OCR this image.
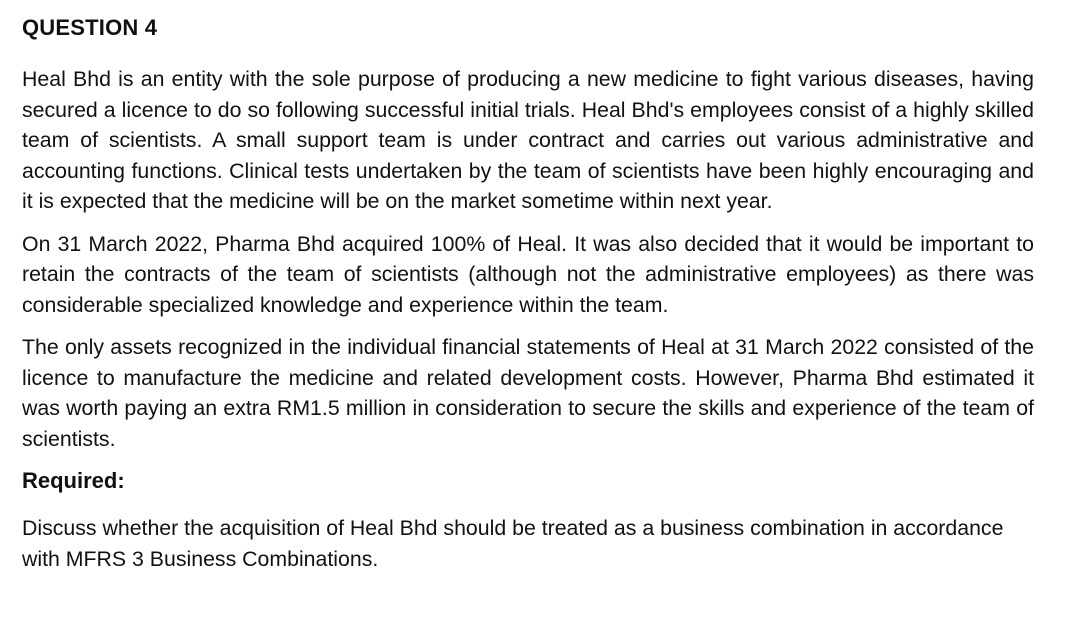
QUESTION 4

Heal Bhd is an entity with the sole purpose of producing a new medicine to fight various diseases, having secured a licence to do so following successful initial trials. Heal Bhd's employees consist of a highly skilled team of scientists. A small support team is under contract and carries out various administrative and accounting functions. Clinical tests undertaken by the team of scientists have been highly encouraging and it is expected that the medicine will be on the market sometime within next year.

On 31 March 2022, Pharma Bhd acquired 100% of Heal. It was also decided that it would be important to retain the contracts of the team of scientists (although not the administrative employees) as there was considerable specialized knowledge and experience within the team.

The only assets recognized in the individual financial statements of Heal at 31 March 2022 consisted of the licence to manufacture the medicine and related development costs. However, Pharma Bhd estimated it was worth paying an extra RM1.5 million in consideration to secure the skills and experience of the team of scientists.

Required:

Discuss whether the acquisition of Heal Bhd should be treated as a business combination in accordance with MFRS 3 Business Combinations.
